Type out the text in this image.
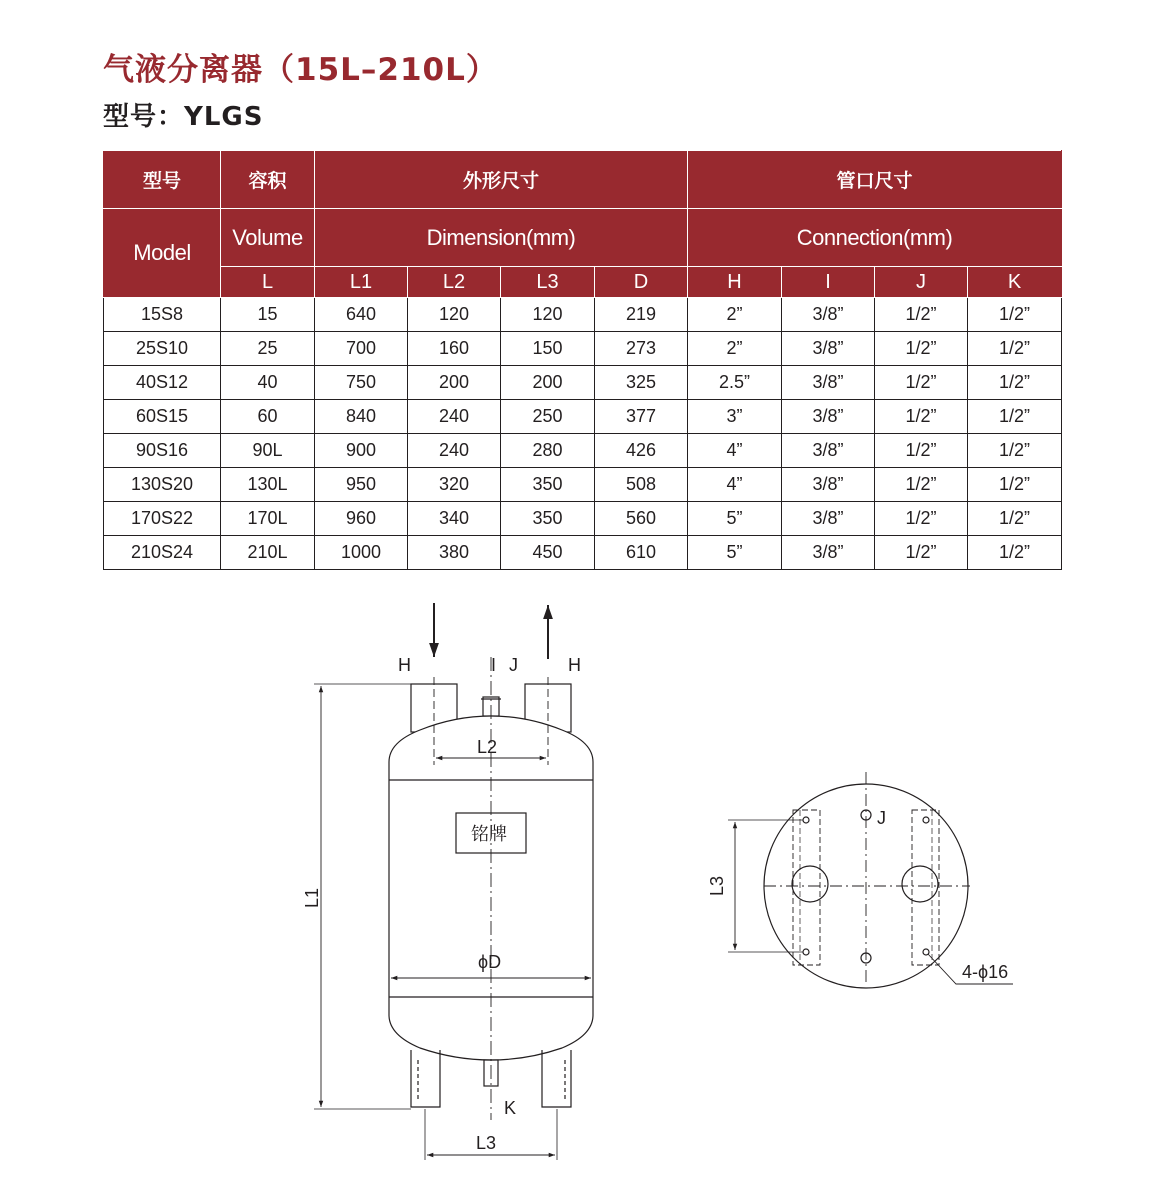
气液分离器（15L–210L）
型号：YLGS
型号	容积	外形尺寸				管口尺寸			
Model	Volume	Dimension(mm)				Connection(mm)			
	L	L1	L2	L3	D	H	I	J	K
15S8	15	640	120	120	219	2”	3/8”	1/2”	1/2”
25S10	25	700	160	150	273	2”	3/8”	1/2”	1/2”
40S12	40	750	200	200	325	2.5”	3/8”	1/2”	1/2”
60S15	60	840	240	250	377	3”	3/8”	1/2”	1/2”
90S16	90L	900	240	280	426	4”	3/8”	1/2”	1/2”
130S20	130L	950	320	350	508	4”	3/8”	1/2”	1/2”
170S22	170L	960	340	350	560	5”	3/8”	1/2”	1/2”
210S24	210L	1000	380	450	610	5”	3/8”	1/2”	1/2”
H	I J	H
L2
铭牌
L1
ϕD
K
L3
J
L3
4-ϕ16
